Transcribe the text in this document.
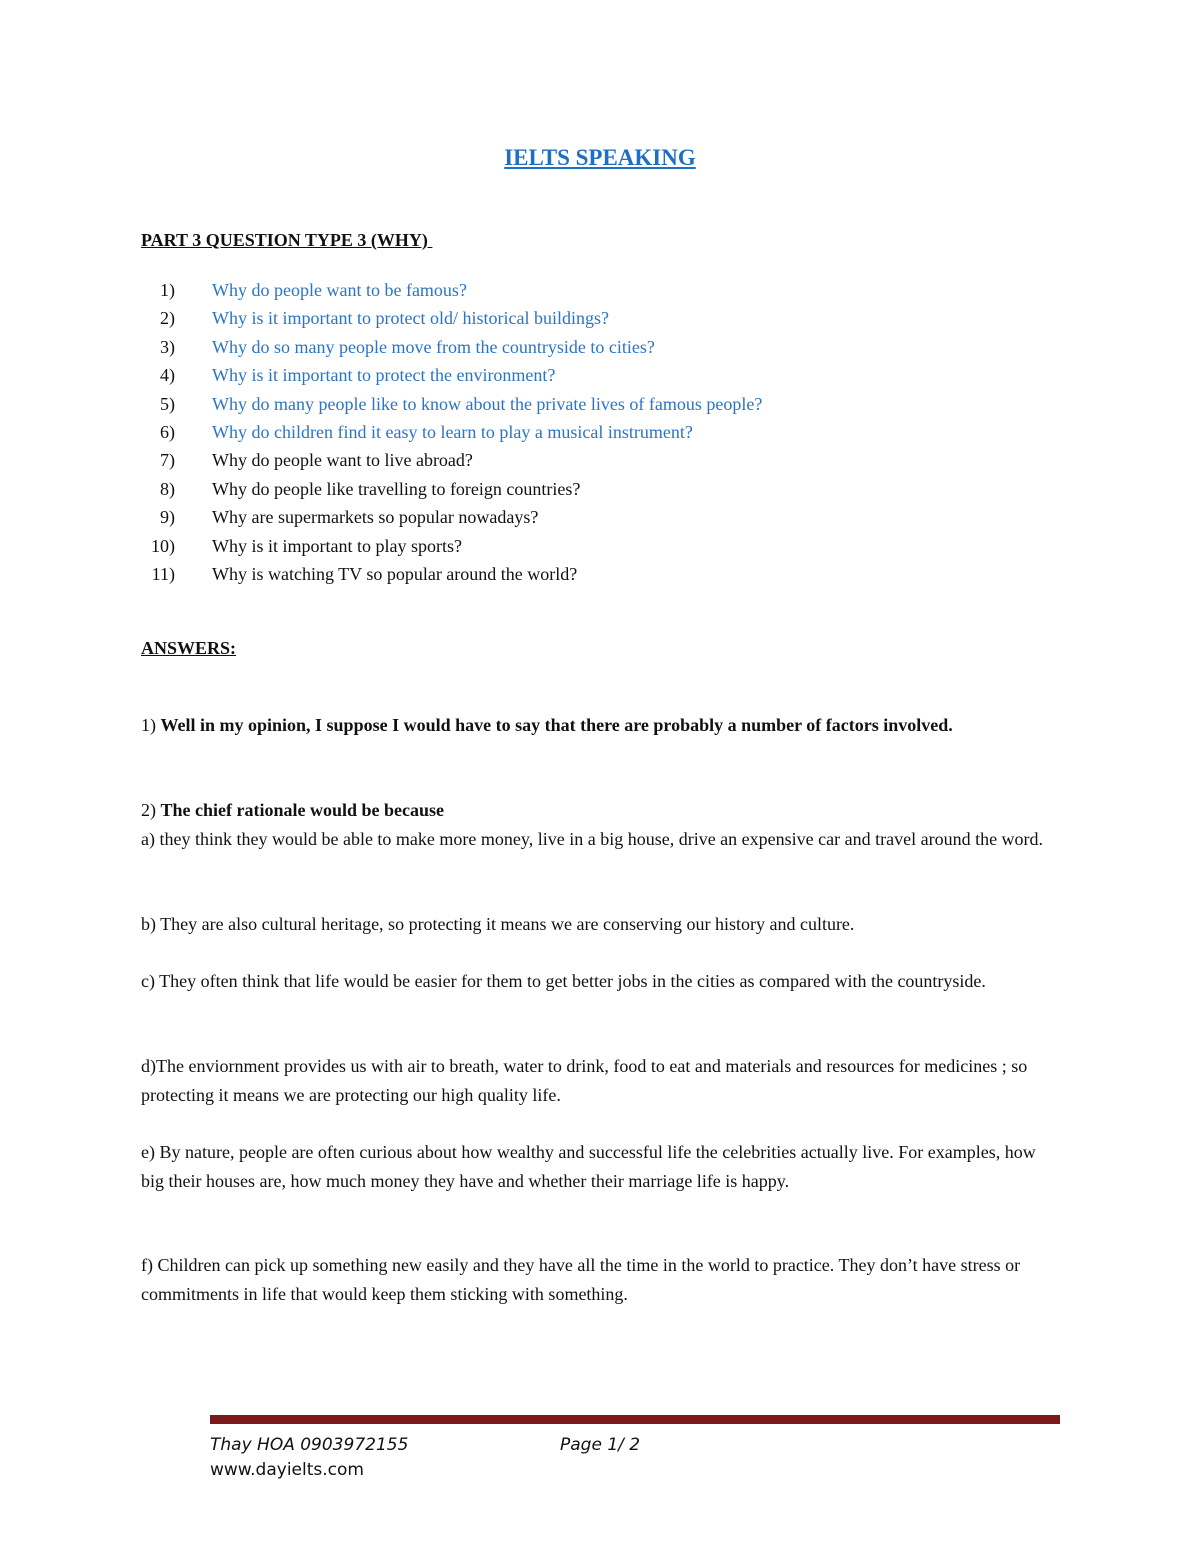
IELTS SPEAKING
PART 3 QUESTION TYPE 3 (WHY)
1) Why do people want to be famous?
2) Why is it important to protect old/ historical buildings?
3) Why do so many people move from the countryside to cities?
4) Why is it important to protect the environment?
5) Why do many people like to know about the private lives of famous people?
6) Why do children find it easy to learn to play a musical instrument?
7) Why do people want to live abroad?
8) Why do people like travelling to foreign countries?
9) Why are supermarkets so popular nowadays?
10) Why is it important to play sports?
11) Why is watching TV so popular around the world?
ANSWERS:

1) Well in my opinion, I suppose I would have to say that there are probably a number of factors involved.

2) The chief rationale would be because

a) they think they would be able to make more money, live in a big house, drive an expensive car and travel around the word.

b) They are also cultural heritage, so protecting it means we are conserving our history and culture.

c) They often think that life would be easier for them to get better jobs in the cities as compared with the countryside.

d)The enviornment provides us with air to breath, water to drink, food to eat and materials and resources for medicines ; so protecting it means we are protecting our high quality life.

e) By nature, people are often curious about how wealthy and successful life the celebrities actually live. For examples, how big their houses are, how much money they have and whether their marriage life is happy.

f) Children can pick up something new easily and they have all the time in the world to practice. They don’t have stress or commitments in life that would keep them sticking with something.

Thay HOA 0903972155	Page 1/ 2
www.dayielts.com
